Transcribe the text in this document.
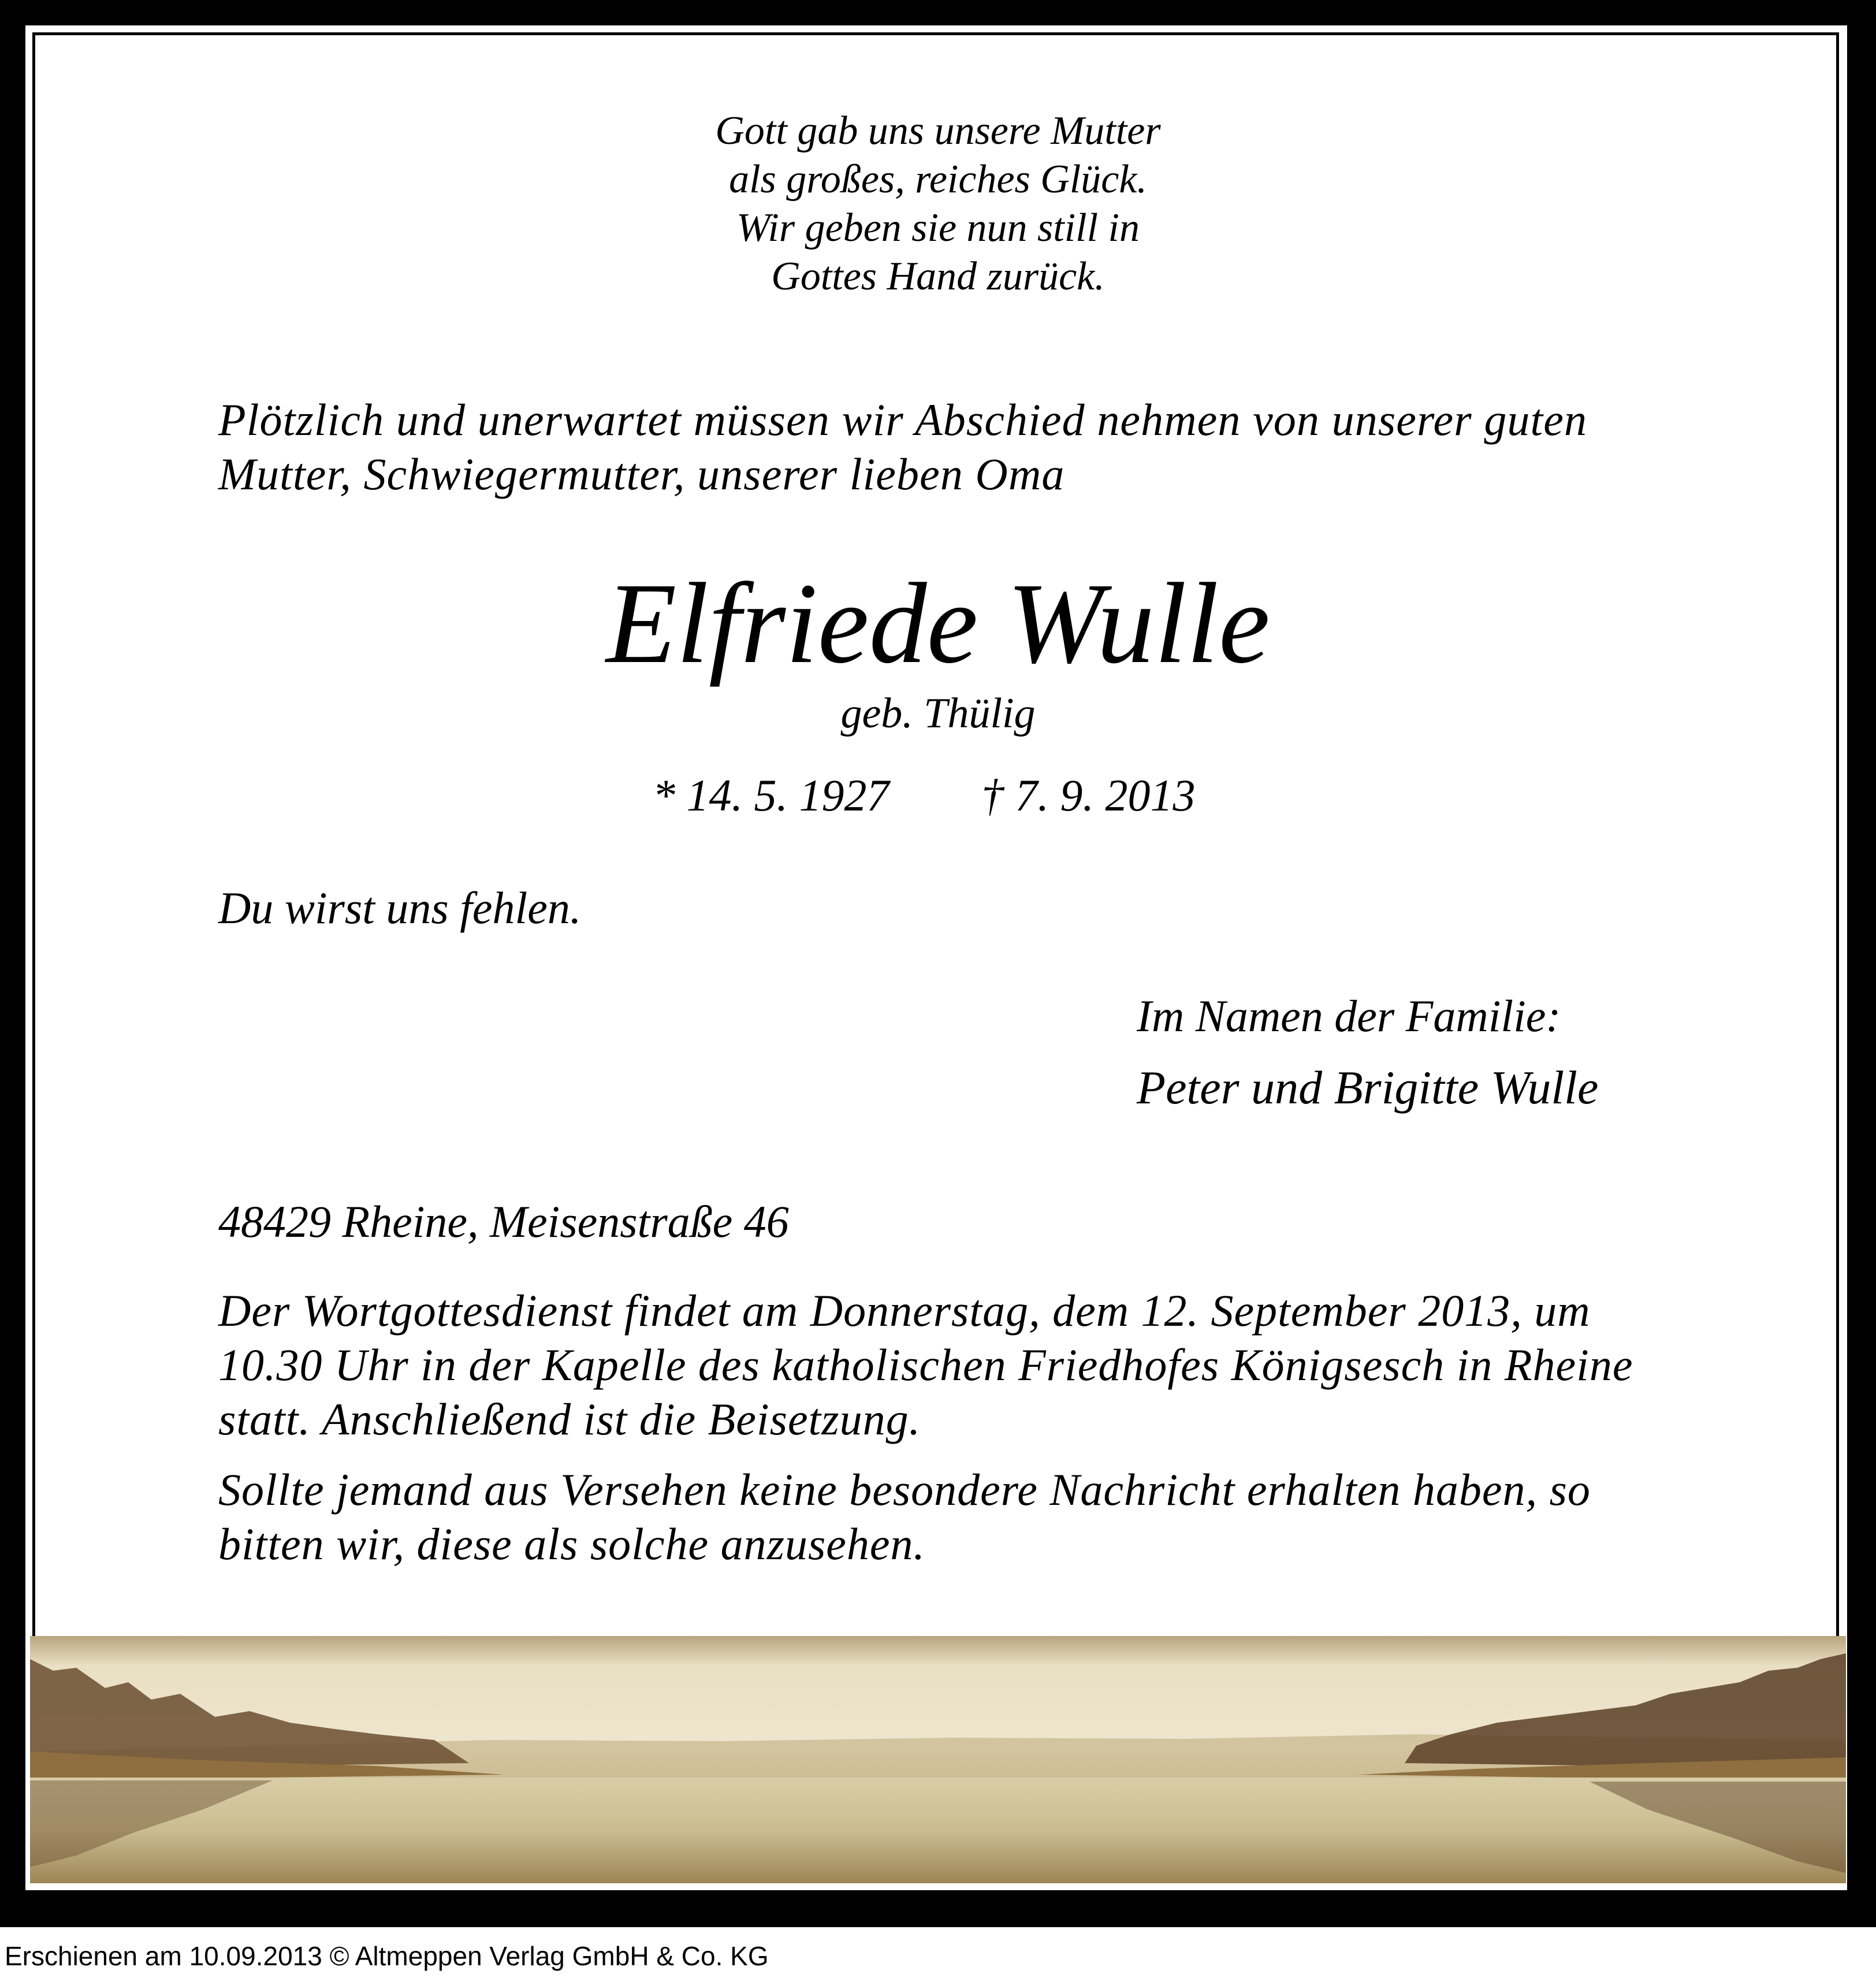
Gott gab uns unsere Mutter
als großes, reiches Glück.
Wir geben sie nun still in
Gottes Hand zurück.
Plötzlich und unerwartet müssen wir Abschied nehmen von unserer guten
Mutter, Schwiegermutter, unserer lieben Oma
Elfriede Wulle
geb. Thülig
* 14. 5. 1927 † 7. 9. 2013
Du wirst uns fehlen.
Im Namen der Familie:
Peter und Brigitte Wulle
48429 Rheine, Meisenstraße 46
Der Wortgottesdienst findet am Donnerstag, dem 12. September 2013, um
10.30 Uhr in der Kapelle des katholischen Friedhofes Königsesch in Rheine
statt. Anschließend ist die Beisetzung.
Sollte jemand aus Versehen keine besondere Nachricht erhalten haben, so
bitten wir, diese als solche anzusehen.
Erschienen am 10.09.2013 © Altmeppen Verlag GmbH & Co. KG
